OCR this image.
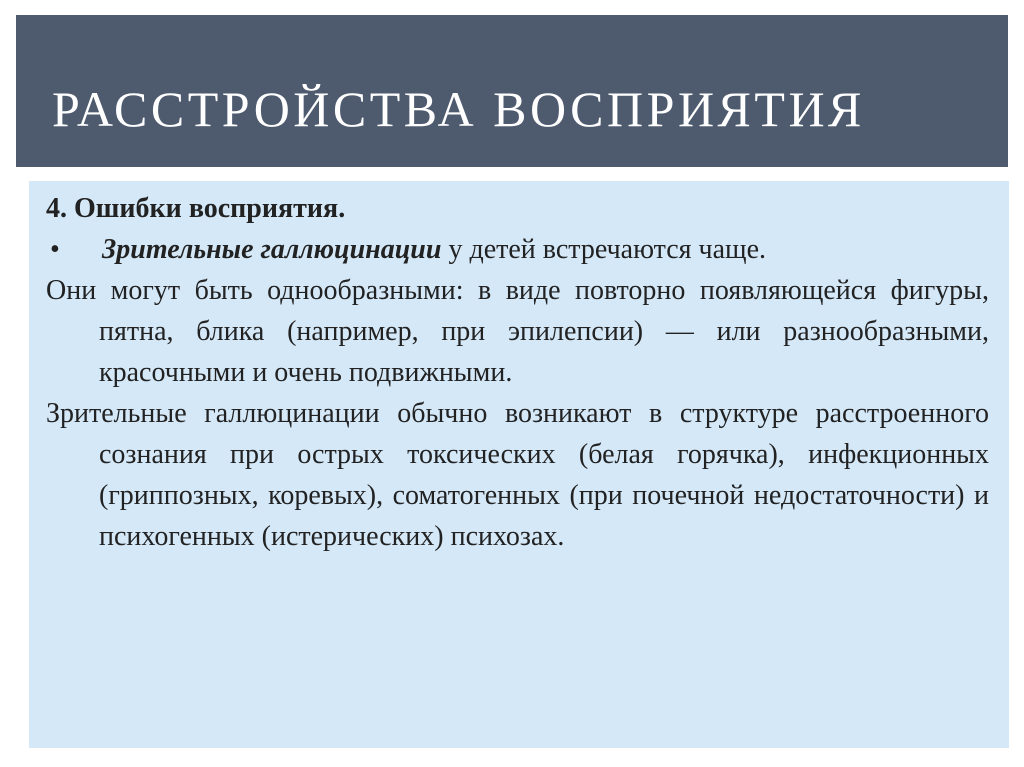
РАССТРОЙСТВА ВОСПРИЯТИЯ

4. Ошибки восприятия.

•	Зрительные галлюцинации у детей встречаются чаще.

Они могут быть однообразными: в виде повторно появляющейся фигуры, пятна, блика (например, при эпилепсии) — или разнообразными, красочными и очень подвижными.

Зрительные галлюцинации обычно возникают в структуре расстроенного сознания при острых токсических (белая горячка), инфекционных (гриппозных, коревых), соматогенных (при почечной недостаточности) и психогенных (истерических) психозах.
